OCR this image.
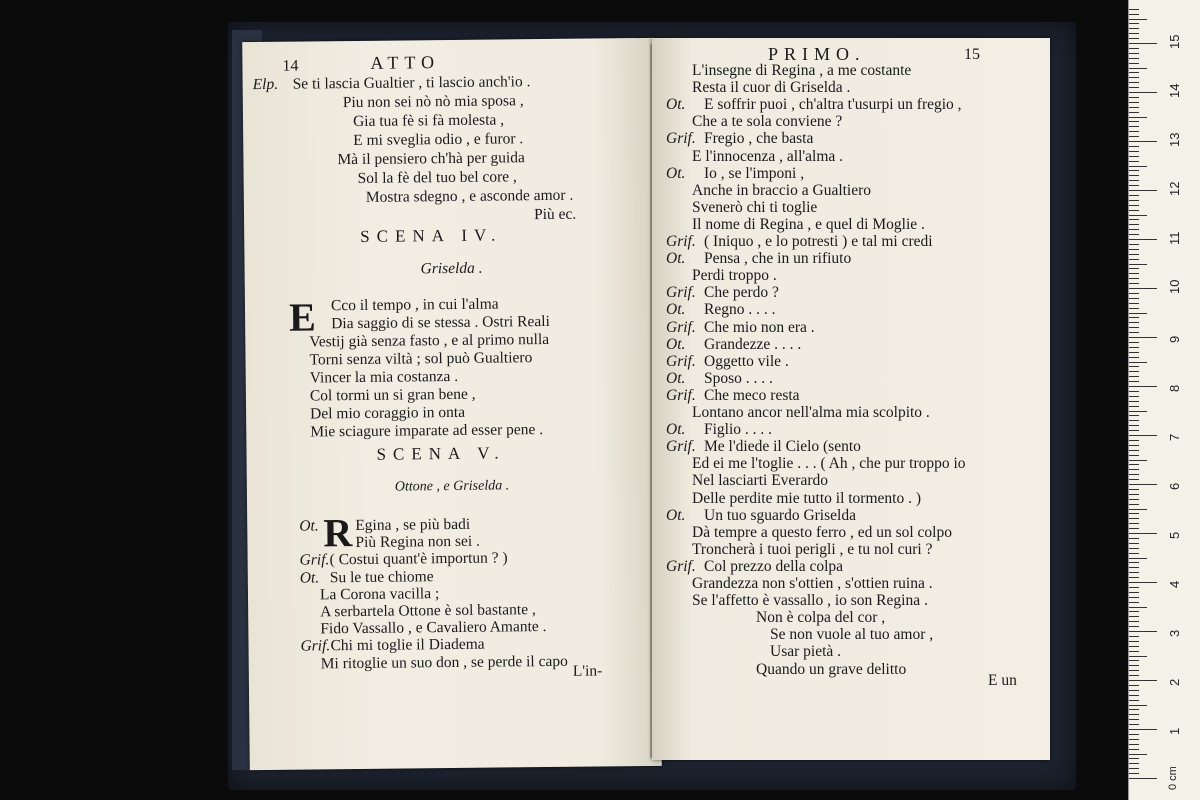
14	ATTO
Elp. Se ti lascia Gualtier , ti lascio anch'io .
Piu non sei nò nò mia sposa ,
Gia tua fè si fà molesta ,
E mi sveglia odio , e furor .
Mà il pensiero ch'hà per guida
Sol la fè del tuo bel core ,
Mostra sdegno , e asconde amor .
Più ec.
SCENA IV.
Griselda .
E Cco il tempo , in cui l'alma
Dia saggio di se stessa . Ostri Reali
Vestij già senza fasto , e al primo nulla
Torni senza viltà ; sol può Gualtiero
Vincer la mia costanza .
Col tormi un si gran bene ,
Del mio coraggio in onta
Mie sciagure imparate ad esser pene .
SCENA V.
Ottone , e Griselda .
R
Ot. Egina , se più badi
Più Regina non sei .
Grif. ( Costui quant'è importun ? )
Ot. Su le tue chiome
La Corona vacilla ;
A serbartela Ottone è sol bastante ,
Fido Vassallo , e Cavaliero Amante .
Grif. Chi mi toglie il Diadema
Mi ritoglie un suo don , se perde il capo L'in-
PRIMO.	15
L'insegne di Regina , a me costante
Resta il cuor di Griselda .
Ot. E soffrir puoi , ch'altra t'usurpi un fregio ,
Che a te sola conviene ?
Grif. Fregio , che basta
E l'innocenza , all'alma .
Ot. Io , se l'imponi ,
Anche in braccio a Gualtiero
Svenerò chi ti toglie
Il nome di Regina , e quel di Moglie .
Grif. ( Iniquo , e lo potresti ) e tal mi credi
Ot. Pensa , che in un rifiuto
Perdi troppo .
Grif. Che perdo ?
Ot. Regno . . . .
Grif. Che mio non era .
Ot. Grandezze . . . .
Grif. Oggetto vile .
Ot. Sposo . . . .
Grif. Che meco resta
Lontano ancor nell'alma mia scolpito .
Ot. Figlio . . . .
Grif. Me l'diede il Cielo (sento
Ed ei me l'toglie . . . ( Ah , che pur troppo io
Nel lasciarti Everardo
Delle perdite mie tutto il tormento . )
Ot. Un tuo sguardo Griselda
Dà tempre a questo ferro , ed un sol colpo
Troncherà i tuoi perigli , e tu nol curi ?
Grif. Col prezzo della colpa
Grandezza non s'ottien , s'ottien ruina .
Se l'affetto è vassallo , io son Regina .
Non è colpa del cor ,
Se non vuole al tuo amor ,
Usar pietà .
Quando un grave delitto
E un
15
14
13
12
11
10
9
8
7
6
5
4
3
2
1
0 cm
